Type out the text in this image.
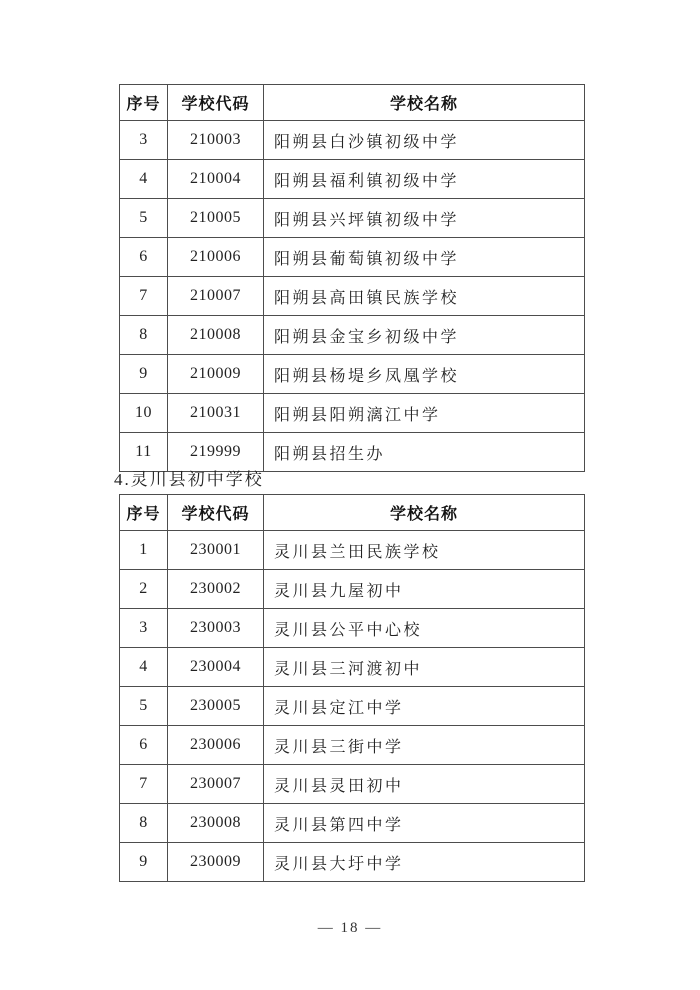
序号	学校代码	学校名称
3	210003	阳朔县白沙镇初级中学
4	210004	阳朔县福利镇初级中学
5	210005	阳朔县兴坪镇初级中学
6	210006	阳朔县葡萄镇初级中学
7	210007	阳朔县高田镇民族学校
8	210008	阳朔县金宝乡初级中学
9	210009	阳朔县杨堤乡凤凰学校
10	210031	阳朔县阳朔漓江中学
11	219999	阳朔县招生办
4.灵川县初中学校
序号	学校代码	学校名称
1	230001	灵川县兰田民族学校
2	230002	灵川县九屋初中
3	230003	灵川县公平中心校
4	230004	灵川县三河渡初中
5	230005	灵川县定江中学
6	230006	灵川县三街中学
7	230007	灵川县灵田初中
8	230008	灵川县第四中学
9	230009	灵川县大圩中学
— 18 —
